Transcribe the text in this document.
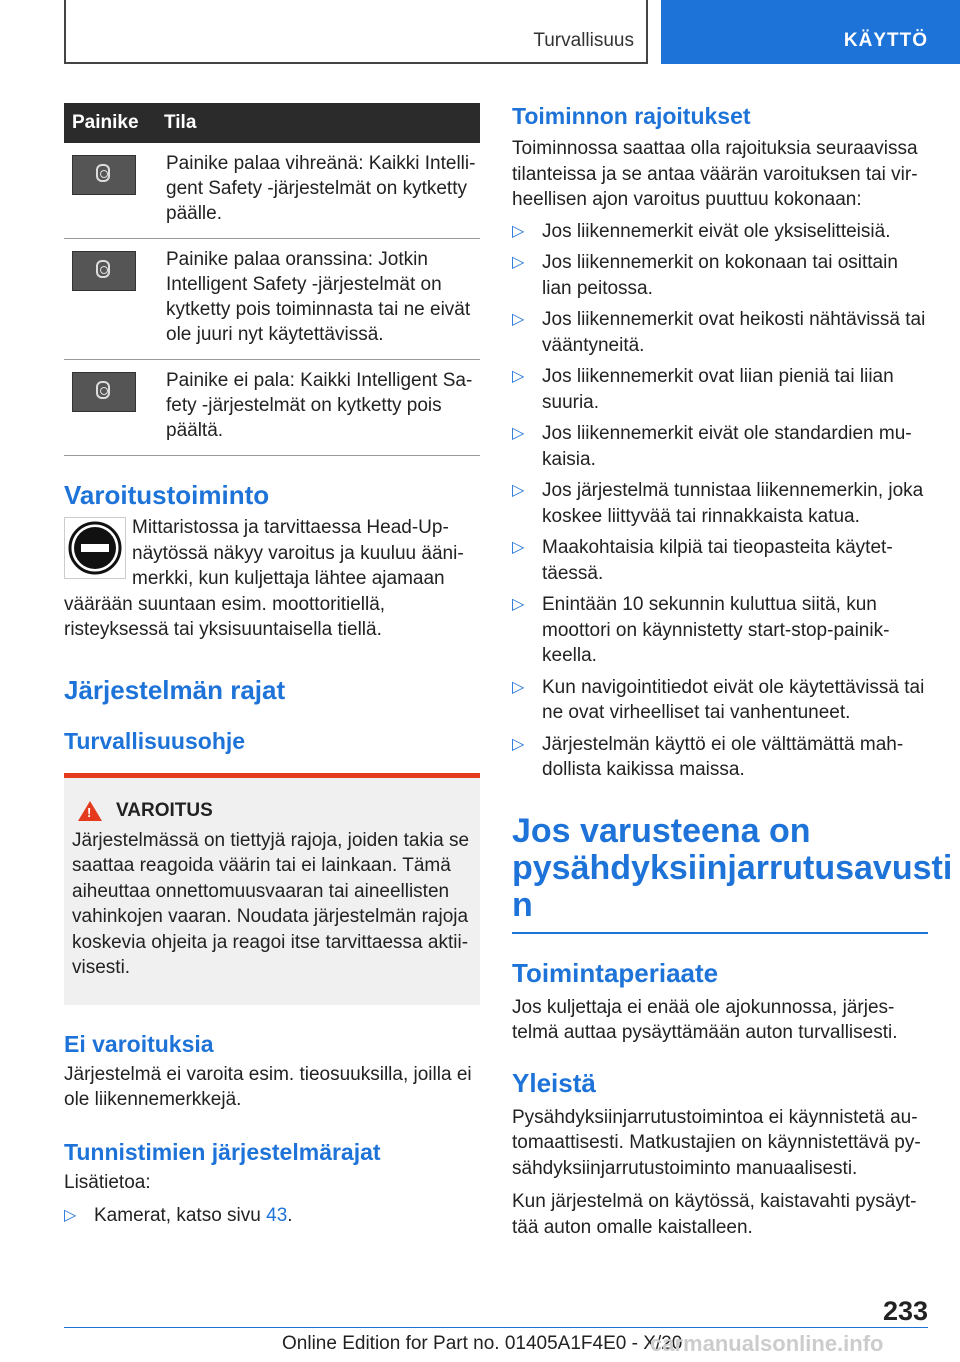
Turvallisuus	KÄYTTÖ
Painike	Tila

	Painike palaa vihreänä: Kaikki Intelligent Safety -järjestelmät on kytketty päälle.

	Painike palaa oranssina: Jotkin Intelligent Safety -järjestelmät on kytketty pois toiminnasta tai ne eivät ole juuri nyt käytettävissä.

	Painike ei pala: Kaikki Intelligent Safety -järjestelmät on kytketty pois päältä.
Varoitustoiminto

Mittaristossa ja tarvittaessa Head-Up-näytössä näkyy varoitus ja kuuluu äänimerkki, kun kuljettaja lähtee ajamaan väärään suuntaan esim. moottoritiellä, risteyksessä tai yksisuuntaisella tiellä.

Järjestelmän rajat
Turvallisuusohje
!
VAROITUS

Järjestelmässä on tiettyjä rajoja, joiden takia se saattaa reagoida väärin tai ei lainkaan. Tämä aiheuttaa onnettomuusvaaran tai aineellisten vahinkojen vaaran. Noudata järjestelmän rajoja koskevia ohjeita ja reagoi itse tarvittaessa aktiivisesti.

Ei varoituksia

Järjestelmä ei varoita esim. tieosuuksilla, joilla ei ole liikennemerkkejä.

Tunnistimien järjestelmärajat

Lisätietoa:

▷ Kamerat, katso sivu 43.
Toiminnon rajoitukset

Toiminnossa saattaa olla rajoituksia seuraavissa tilanteissa ja se antaa väärän varoituksen tai virheellisen ajon varoitus puuttuu kokonaan:

▷ Jos liikennemerkit eivät ole yksiselitteisiä.
▷ Jos liikennemerkit on kokonaan tai osittain lian peitossa.
▷ Jos liikennemerkit ovat heikosti nähtävissä tai vääntyneitä.
▷ Jos liikennemerkit ovat liian pieniä tai liian suuria.
▷ Jos liikennemerkit eivät ole standardien mukaisia.
▷ Jos järjestelmä tunnistaa liikennemerkin, joka koskee liittyvää tai rinnakkaista katua.
▷ Maakohtaisia kilpiä tai tieopasteita käytettäessä.
▷ Enintään 10 sekunnin kuluttua siitä, kun moottori on käynnistetty start-stop-painikkeella.
▷ Kun navigointitiedot eivät ole käytettävissä tai ne ovat virheelliset tai vanhentuneet.
▷ Järjestelmän käyttö ei ole välttämättä mahdollista kaikissa maissa.
Jos varusteena on pysähdyksiinjarrutusavusti n
Toimintaperiaate

Jos kuljettaja ei enää ole ajokunnossa, järjestelmä auttaa pysäyttämään auton turvallisesti.

Yleistä

Pysähdyksiinjarrutustoimintoa ei käynnistetä automaattisesti. Matkustajien on käynnistettävä pysähdyksiinjarrutustoiminto manuaalisesti.

Kun järjestelmä on käytössä, kaistavahti pysäyttää auton omalle kaistalleen.

233
Online Edition for Part no. 01405A1F4E0 - X/20
carmanualsonline.info
